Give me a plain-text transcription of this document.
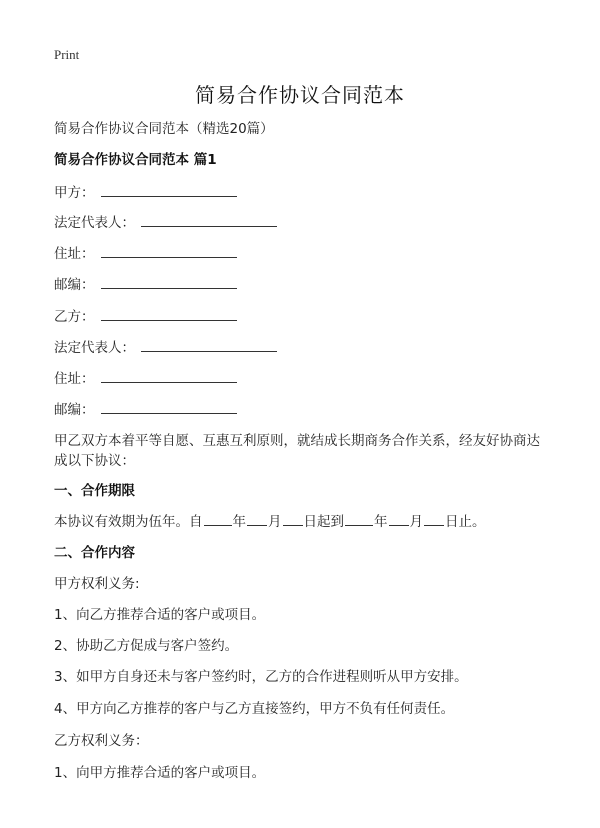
Print
简易合作协议合同范本
简易合作协议合同范本（精选20篇）
简易合作协议合同范本 篇1
甲方：
法定代表人：
住址：
邮编：
乙方：
法定代表人：
住址：
邮编：
甲乙双方本着平等自愿、互惠互利原则，就结成长期商务合作关系，经友好协商达成以下协议：
一、合作期限
本协议有效期为伍年。自 年 月 日起到 年 月 日止。
二、合作内容
甲方权利义务:
1、向乙方推荐合适的客户或项目。
2、协助乙方促成与客户签约。
3、如甲方自身还未与客户签约时，乙方的合作进程则听从甲方安排。
4、甲方向乙方推荐的客户与乙方直接签约，甲方不负有任何责任。
乙方权利义务：
1、向甲方推荐合适的客户或项目。
